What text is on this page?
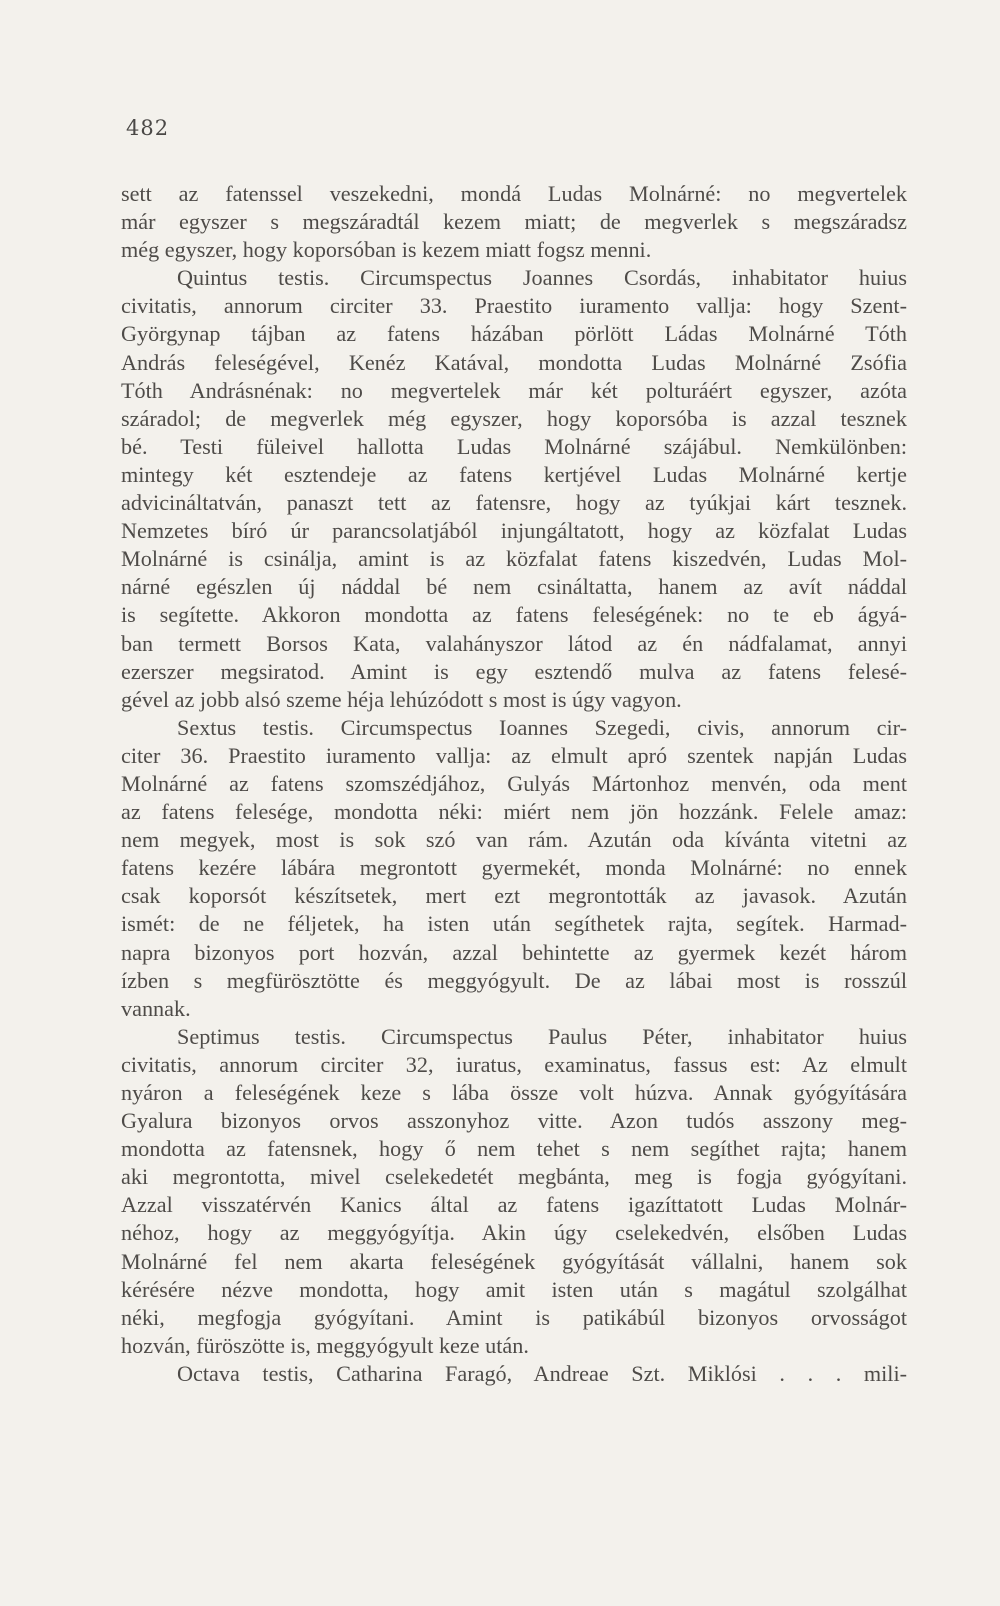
482
sett az fatenssel veszekedni, mondá Ludas Molnárné: no megvertelek
már egyszer s megszáradtál kezem miatt; de megverlek s megszáradsz
még egyszer, hogy koporsóban is kezem miatt fogsz menni.
Quintus testis. Circumspectus Joannes Csordás, inhabitator huius
civitatis, annorum circiter 33. Praestito iuramento vallja: hogy Szent-
Györgynap tájban az fatens házában pörlött Ládas Molnárné Tóth
András feleségével, Kenéz Katával, mondotta Ludas Molnárné Zsófia
Tóth Andrásnénak: no megvertelek már két polturáért egyszer, azóta
száradol; de megverlek még egyszer, hogy koporsóba is azzal tesznek
bé. Testi füleivel hallotta Ludas Molnárné szájábul. Nemkülönben:
mintegy két esztendeje az fatens kertjével Ludas Molnárné kertje
advicináltatván, panaszt tett az fatensre, hogy az tyúkjai kárt tesznek.
Nemzetes bíró úr parancsolatjából injungáltatott, hogy az közfalat Ludas
Molnárné is csinálja, amint is az közfalat fatens kiszedvén, Ludas Mol-
nárné egészlen új náddal bé nem csináltatta, hanem az avít náddal
is segítette. Akkoron mondotta az fatens feleségének: no te eb ágyá-
ban termett Borsos Kata, valahányszor látod az én nádfalamat, annyi
ezerszer megsiratod. Amint is egy esztendő mulva az fatens felesé-
gével az jobb alsó szeme héja lehúzódott s most is úgy vagyon.
Sextus testis. Circumspectus Ioannes Szegedi, civis, annorum cir-
citer 36. Praestito iuramento vallja: az elmult apró szentek napján Ludas
Molnárné az fatens szomszédjához, Gulyás Mártonhoz menvén, oda ment
az fatens felesége, mondotta néki: miért nem jön hozzánk. Felele amaz:
nem megyek, most is sok szó van rám. Azután oda kívánta vitetni az
fatens kezére lábára megrontott gyermekét, monda Molnárné: no ennek
csak koporsót készítsetek, mert ezt megrontották az javasok. Azután
ismét: de ne féljetek, ha isten után segíthetek rajta, segítek. Harmad-
napra bizonyos port hozván, azzal behintette az gyermek kezét három
ízben s megfürösztötte és meggyógyult. De az lábai most is rosszúl
vannak.
Septimus testis. Circumspectus Paulus Péter, inhabitator huius
civitatis, annorum circiter 32, iuratus, examinatus, fassus est: Az elmult
nyáron a feleségének keze s lába össze volt húzva. Annak gyógyítására
Gyalura bizonyos orvos asszonyhoz vitte. Azon tudós asszony meg-
mondotta az fatensnek, hogy ő nem tehet s nem segíthet rajta; hanem
aki megrontotta, mivel cselekedetét megbánta, meg is fogja gyógyítani.
Azzal visszatérvén Kanics által az fatens igazíttatott Ludas Molnár-
néhoz, hogy az meggyógyítja. Akin úgy cselekedvén, elsőben Ludas
Molnárné fel nem akarta feleségének gyógyítását vállalni, hanem sok
kérésére nézve mondotta, hogy amit isten után s magátul szolgálhat
néki, megfogja gyógyítani. Amint is patikábúl bizonyos orvosságot
hozván, füröszötte is, meggyógyult keze után.
Octava testis, Catharina Faragó, Andreae Szt. Miklósi . . . mili-
